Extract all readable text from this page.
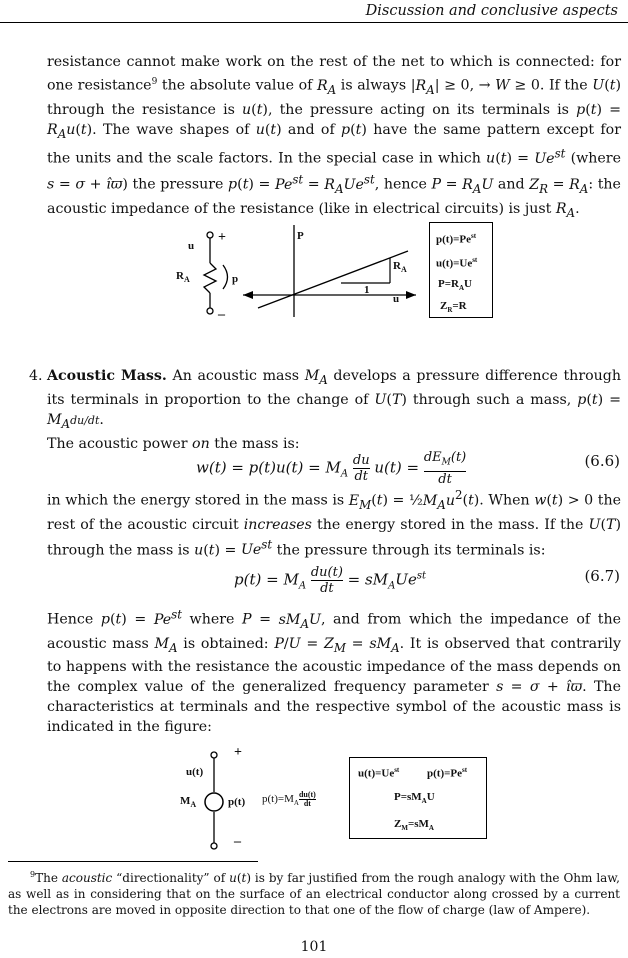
Discussion and conclusive aspects
resistance cannot make work on the rest of the net to which is connected: for one resistance$^9$ the absolute value of $R_A$ is always $|R_A| \ge 0$, → W ≥ 0. If the U(t) through the resistance is u(t), the pressure acting on its terminals is $p(t) = R_Au(t)$. The wave shapes of u(t) and of p(t) have the same pattern except for the units and the scale factors. In the special case in which $u(t) = Ue^{st}$ (where s = σ + îϖ) the pressure $p(t) = Pe^{st} = R_AUe^{st}$, hence $P = R_AU$ and $Z_R = R_A$: the acoustic impedance of the resistance (like in electrical circuits) is just $R_A$.
+
–
u
$R_A$	p
P
$R_A$
1
u
$p(t)=Pe^{st}$
$u(t)=Ue^{st}$
$P=R_AU$
$Z_R=R$
4. Acoustic Mass. An acoustic mass $M_A$ develops a pressure difference through its terminals in proportion to the change of U(T) through such a mass, $p(t) = M_Adu/dt$.
The acoustic power on the mass is:
$w(t) = p(t)u(t) = M_A \frac{du}{dt} u(t)$ =
$dE_M(t)$
dt
(6.6)
in which the energy stored in the mass is $E_M(t)$ = $\frac{1}{2}M_Au^2(t)$. When w(t) > 0 the rest of the acoustic circuit increases the energy stored in the mass. If the U(T) through the mass is $u(t) = Ue^{st}$ the pressure through its terminals is:
$p(t) = M_A \frac{du(t)}{dt} = sM_AUe^{st}$	(6.7)
Hence $p(t) = Pe^{st}$ where $P = sM_AU$, and from which the impedance of the acoustic mass $M_A$ is obtained: $P/U = Z_M = sM_A$. It is observed that contrarily to happens with the resistance the acoustic impedance of the mass depends on the complex value of the generalized frequency parameter s = σ + îϖ. The characteristics at terminals and the respective symbol of the acoustic mass is indicated in the figure:
+
–
u(t)
$M_A$	p(t) $p(t)=M_A \frac{du(t)}{dt}$
$u(t)=Ue^{st}$	$p(t)=Pe^{st}$
$P=sM_AU$
$Z_M=sM_A$
$^9$The acoustic “directionality” of u(t) is by far justified from the rough analogy with the Ohm law, as well as in considering that on the surface of an electrical conductor along crossed by a current the electrons are moved in opposite direction to that one of the flow of charge (law of Ampere).
101
